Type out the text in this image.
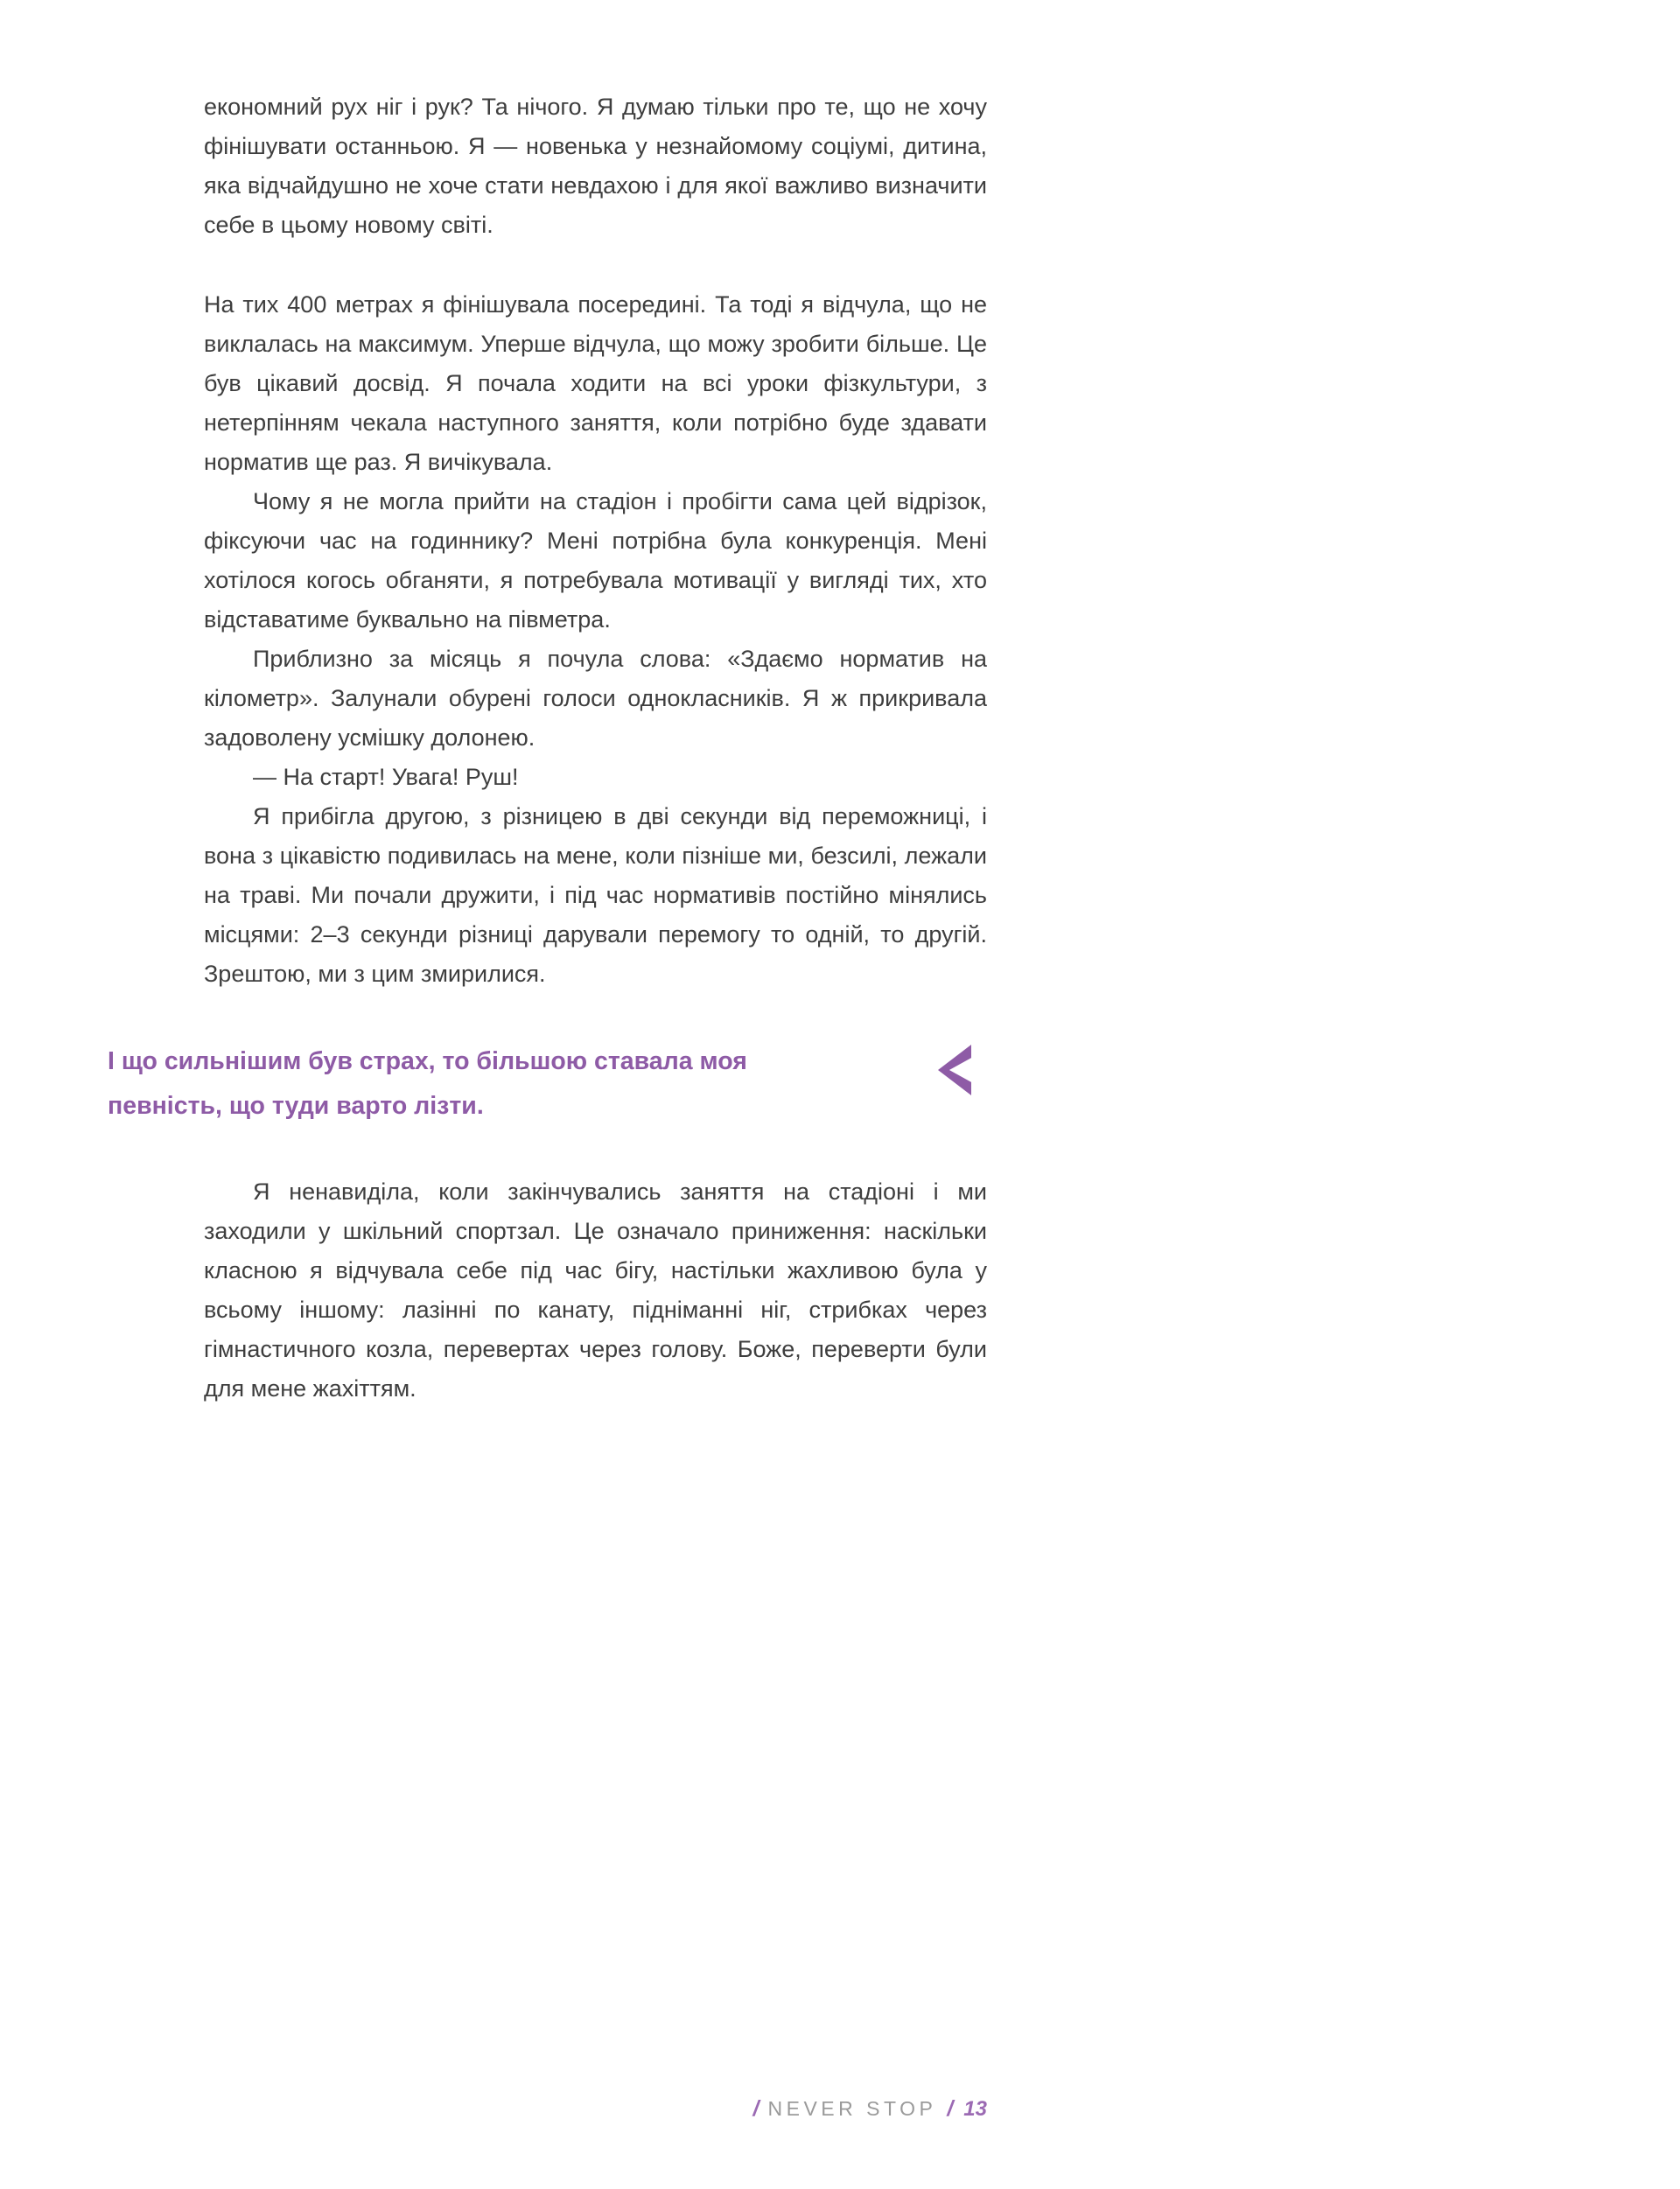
економний рух ніг і рук? Та нічого. Я думаю тільки про те, що не хочу фінішувати останньою. Я — новенька у незнайомому соціумі, дитина, яка відчайдушно не хоче стати невдахою і для якої важливо визначити себе в цьому новому світі.

На тих 400 метрах я фінішувала посередині. Та тоді я відчула, що не виклалась на максимум. Уперше відчула, що можу зробити більше. Це був цікавий досвід. Я почала ходити на всі уроки фізкультури, з нетерпінням чекала наступного заняття, коли потрібно буде здавати норматив ще раз. Я вичікувала.

Чому я не могла прийти на стадіон і пробігти сама цей відрізок, фіксуючи час на годиннику? Мені потрібна була конкуренція. Мені хотілося когось обганяти, я потребувала мотивації у вигляді тих, хто відставатиме буквально на півметра.

Приблизно за місяць я почула слова: «Здаємо норматив на кілометр». Залунали обурені голоси однокласників. Я ж прикривала задоволену усмішку долонею.

— На старт! Увага! Руш!

Я прибігла другою, з різницею в дві секунди від переможниці, і вона з цікавістю подивилась на мене, коли пізніше ми, безсилі, лежали на траві. Ми почали дружити, і під час нормативів постійно мінялись місцями: 2–3 секунди різниці дарували перемогу то одній, то другій. Зрештою, ми з цим змирилися.

І що сильнішим був страх, то більшою ставала моя певність, що туди варто лізти.

Я ненавиділа, коли закінчувались заняття на стадіоні і ми заходили у шкільний спортзал. Це означало приниження: наскільки класною я відчувала себе під час бігу, настільки жахливою була у всьому іншому: лазінні по канату, підніманні ніг, стрибках через гімнастичного козла, перевертах через голову. Боже, переверти були для мене жахіттям.

/ NEVER STOP / 13
